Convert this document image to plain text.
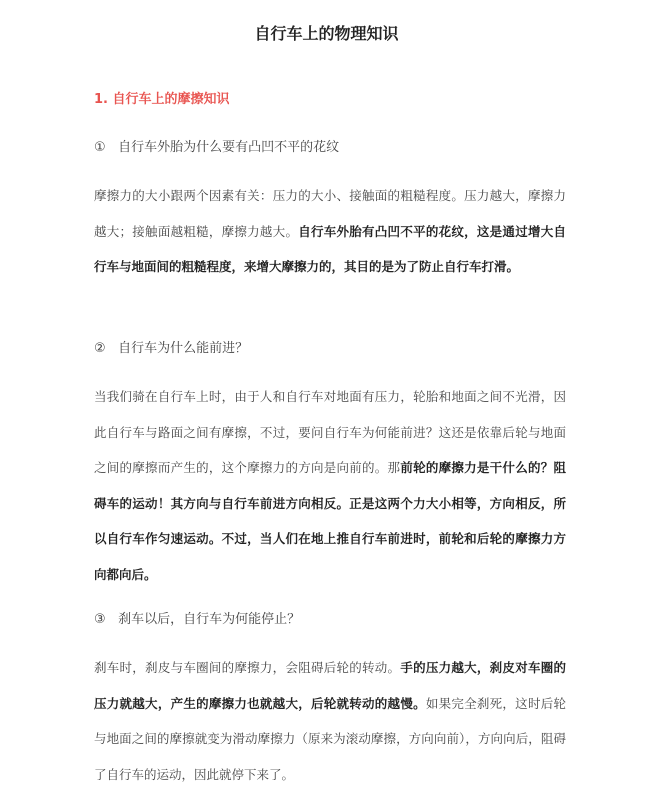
自行车上的物理知识
1. 自行车上的摩擦知识

① 自行车外胎为什么要有凸凹不平的花纹

摩擦力的大小跟两个因素有关：压力的大小、接触面的粗糙程度。压力越大，摩擦力越大；接触面越粗糙，摩擦力越大。自行车外胎有凸凹不平的花纹，这是通过增大自行车与地面间的粗糙程度，来增大摩擦力的，其目的是为了防止自行车打滑。

② 自行车为什么能前进？

当我们骑在自行车上时，由于人和自行车对地面有压力，轮胎和地面之间不光滑，因此自行车与路面之间有摩擦，不过，要问自行车为何能前进？这还是依靠后轮与地面之间的摩擦而产生的，这个摩擦力的方向是向前的。那前轮的摩擦力是干什么的？阻碍车的运动！其方向与自行车前进方向相反。正是这两个力大小相等，方向相反，所以自行车作匀速运动。不过，当人们在地上推自行车前进时，前轮和后轮的摩擦力方向都向后。

③ 刹车以后，自行车为何能停止？

刹车时，刹皮与车圈间的摩擦力，会阻碍后轮的转动。手的压力越大，刹皮对车圈的压力就越大，产生的摩擦力也就越大，后轮就转动的越慢。如果完全刹死，这时后轮与地面之间的摩擦就变为滑动摩擦力（原来为滚动摩擦，方向向前），方向向后，阻碍了自行车的运动，因此就停下来了。
